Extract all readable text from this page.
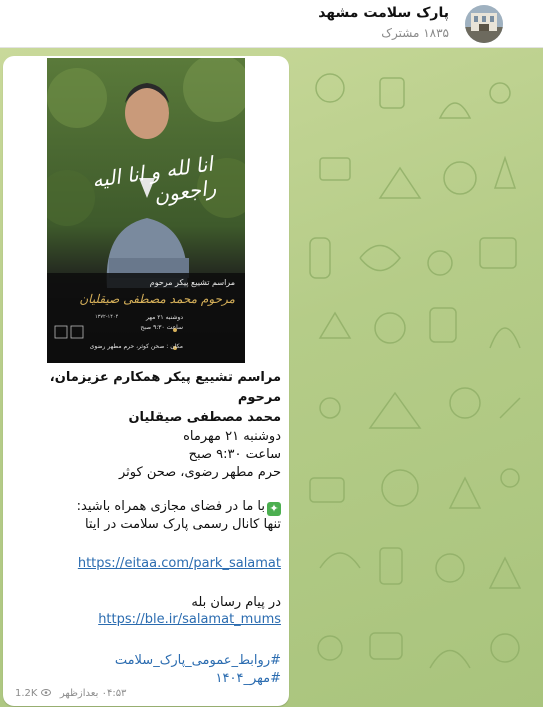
پارک سلامت مشهد
۱۸۳۵ مشترک
انا لله و انا الیه راجعون
مراسم تشییع پیکر مرحوم
مرحوم محمد مصطفی صیقلیان
دوشنبه ۲۱ مهر
ساعت ۹:۳۰ صبح
مکان : صحن کوثر، حرم مطهر رضوی
۱۳۷۲-۱۴۰۴
مراسم تشییع پیکر همکارم عزیزمان، مرحوم
محمد مصطفی صیقلیان
دوشنبه ۲۱ مهرماه
ساعت ۹:۳۰ صبح
حرم مطهر رضوی، صحن کوثر
✦با ما در فضای مجازی همراه باشید:
تنها کانال رسمی پارک سلامت در ایتا
https://eitaa.com/park_salamat
در پیام رسان بله
https://ble.ir/salamat_mums
#روابط_عمومی_پارک_سلامت
#مهر_۱۴۰۴
۰۴:۵۳ بعدازظهر  1.2K
